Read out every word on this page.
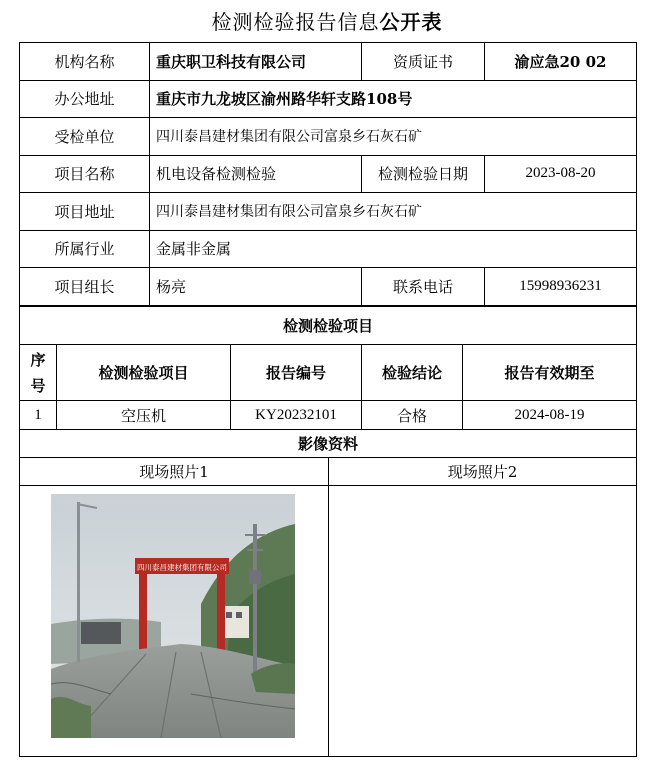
检测检验报告信息公开表
机构名称	重庆职卫科技有限公司	资质证书	渝应急20 02
办公地址	重庆市九龙坡区渝州路华轩支路108号		
受检单位	四川泰昌建材集团有限公司富泉乡石灰石矿		
项目名称	机电设备检测检验	检测检验日期	2023-08-20
项目地址	四川泰昌建材集团有限公司富泉乡石灰石矿		
所属行业	金属非金属		
项目组长	杨亮	联系电话	15998936231
检测检验项目				
序号	检测检验项目	报告编号	检验结论	报告有效期至
1	空压机	KY20232101	合格	2024-08-19
影像资料				
现场照片1	现场照片2

四川泰昌建材集团有限公司	
